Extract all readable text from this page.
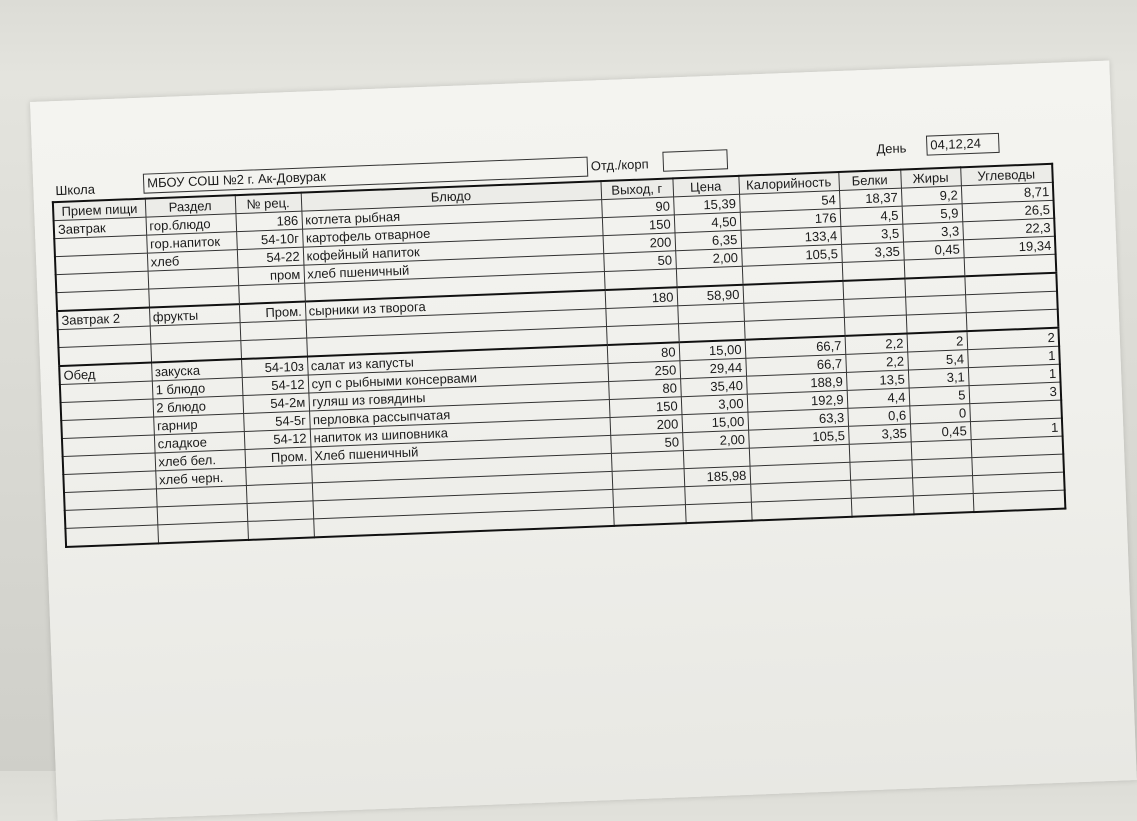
Школа	МБОУ СОШ №2 г. Ак-Довурак
Отд./корп
День	04,12,24
Прием пищи	Раздел	№ рец.	Блюдо	Выход, г	Цена	Калорийность	Белки	Жиры	Углеводы
Завтрак	гор.блюдо	186	котлета рыбная	90	15,39	54	18,37	9,2	8,71
	гор.напиток	54-10г	картофель отварное	150	4,50	176	4,5	5,9	26,5
	хлеб	54-22	кофейный напиток	200	6,35	133,4	3,5	3,3	22,3
		пром	хлеб пшеничный	50	2,00	105,5	3,35	0,45	19,34

Завтрак 2	фрукты	Пром.	сырники из творога	180	58,90				

Обед	закуска	54-10з	салат из капусты	80	15,00	66,7	2,2	2	2
	1 блюдо	54-12	суп с рыбными консервами	250	29,44	66,7	2,2	5,4	1
	2 блюдо	54-2м	гуляш из говядины	80	35,40	188,9	13,5	3,1	1
	гарнир	54-5г	перловка рассыпчатая	150	3,00	192,9	4,4	5	3
	сладкое	54-12	напиток из шиповника	200	15,00	63,3	0,6	0	
	хлеб бел.	Пром.	Хлеб пшеничный	50	2,00	105,5	3,35	0,45	1
	хлеб черн.								
					185,98				
